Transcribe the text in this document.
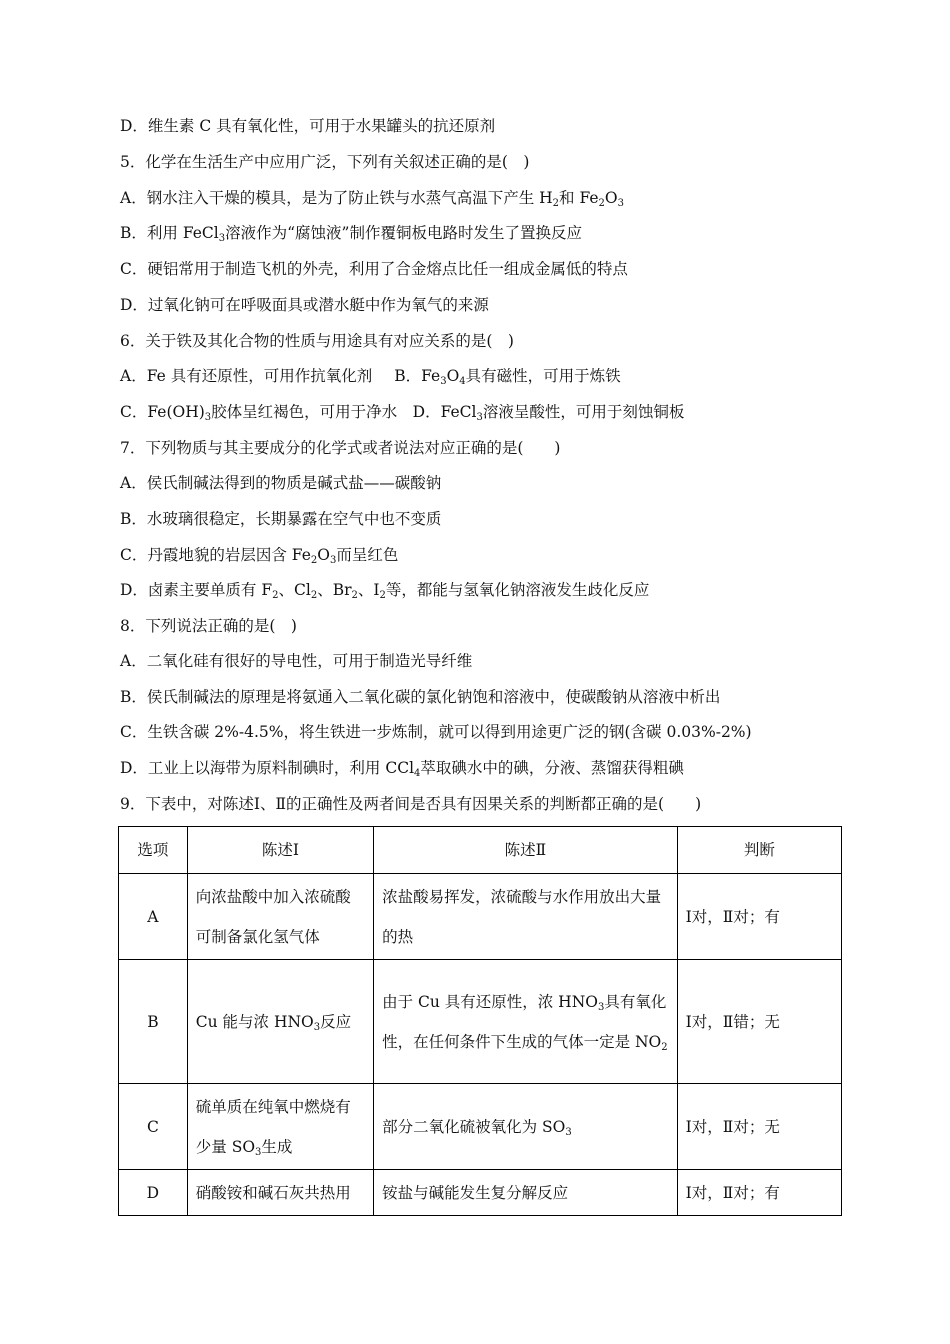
D．维生素 C 具有氧化性，可用于水果罐头的抗还原剂
5．化学在生活生产中应用广泛，下列有关叙述正确的是(　)
A．钢水注入干燥的模具，是为了防止铁与水蒸气高温下产生 $H_2$和 $Fe_2O_3$
B．利用 FeCl$_3$溶液作为“腐蚀液”制作覆铜板电路时发生了置换反应
C．硬铝常用于制造飞机的外壳，利用了合金熔点比任一组成金属低的特点
D．过氧化钠可在呼吸面具或潜水艇中作为氧气的来源
6．关于铁及其化合物的性质与用途具有对应关系的是(　)
A．Fe 具有还原性，可用作抗氧化剂 B．$Fe_3O_4$具有磁性，可用于炼铁
C．$Fe(OH)_3$胶体呈红褐色，可用于净水  D．FeCl$_3$溶液呈酸性，可用于刻蚀铜板
7．下列物质与其主要成分的化学式或者说法对应正确的是(　　)
A．侯氏制碱法得到的物质是碱式盐——碳酸钠
B．水玻璃很稳定，长期暴露在空气中也不变质
C．丹霞地貌的岩层因含 $Fe_2O_3$而呈红色
D．卤素主要单质有 $F_2$、$Cl_2$、$Br_2$、$I_2$等，都能与氢氧化钠溶液发生歧化反应
8．下列说法正确的是(　)
A．二氧化硅有很好的导电性，可用于制造光导纤维
B．侯氏制碱法的原理是将氨通入二氧化碳的氯化钠饱和溶液中，使碳酸钠从溶液中析出
C．生铁含碳 2%-4.5%，将生铁进一步炼制，就可以得到用途更广泛的钢(含碳 0.03%-2%)
D．工业上以海带为原料制碘时，利用 CCl$_4$萃取碘水中的碘，分液、蒸馏获得粗碘
9．下表中，对陈述Ⅰ、Ⅱ的正确性及两者间是否具有因果关系的判断都正确的是(　　)
选项	陈述Ⅰ	陈述Ⅱ	判断
A	向浓盐酸中加入浓硫酸可制备氯化氢气体	浓盐酸易挥发，浓硫酸与水作用放出大量的热	Ⅰ对，Ⅱ对；有
B	Cu 能与浓 $HNO_3$反应	由于 Cu 具有还原性，浓 $HNO_3$具有氧化性，在任何条件下生成的气体一定是 $NO_2$	Ⅰ对，Ⅱ错；无
C	硫单质在纯氧中燃烧有少量 $SO_3$生成	部分二氧化硫被氧化为 $SO_3$	Ⅰ对，Ⅱ对；无
D	硝酸铵和碱石灰共热用	铵盐与碱能发生复分解反应	Ⅰ对，Ⅱ对；有
